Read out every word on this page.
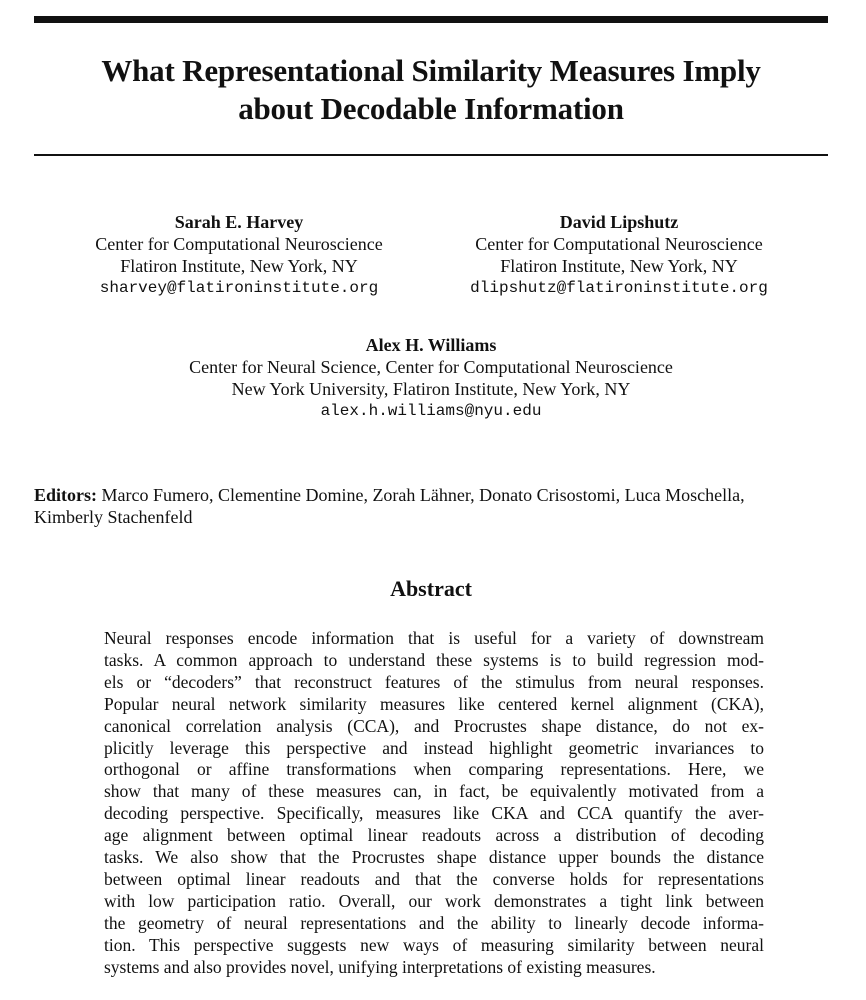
What Representational Similarity Measures Imply
about Decodable Information
Sarah E. Harvey
Center for Computational Neuroscience
Flatiron Institute, New York, NY
sharvey@flatironinstitute.org
David Lipshutz
Center for Computational Neuroscience
Flatiron Institute, New York, NY
dlipshutz@flatironinstitute.org
Alex H. Williams
Center for Neural Science, Center for Computational Neuroscience
New York University, Flatiron Institute, New York, NY
alex.h.williams@nyu.edu
Editors: Marco Fumero, Clementine Domine, Zorah Lähner, Donato Crisostomi, Luca Moschella,
Kimberly Stachenfeld
Abstract
Neural responses encode information that is useful for a variety of downstream
tasks. A common approach to understand these systems is to build regression mod-
els or “decoders” that reconstruct features of the stimulus from neural responses.
Popular neural network similarity measures like centered kernel alignment (CKA),
canonical correlation analysis (CCA), and Procrustes shape distance, do not ex-
plicitly leverage this perspective and instead highlight geometric invariances to
orthogonal or affine transformations when comparing representations. Here, we
show that many of these measures can, in fact, be equivalently motivated from a
decoding perspective. Specifically, measures like CKA and CCA quantify the aver-
age alignment between optimal linear readouts across a distribution of decoding
tasks. We also show that the Procrustes shape distance upper bounds the distance
between optimal linear readouts and that the converse holds for representations
with low participation ratio. Overall, our work demonstrates a tight link between
the geometry of neural representations and the ability to linearly decode informa-
tion. This perspective suggests new ways of measuring similarity between neural
systems and also provides novel, unifying interpretations of existing measures.
